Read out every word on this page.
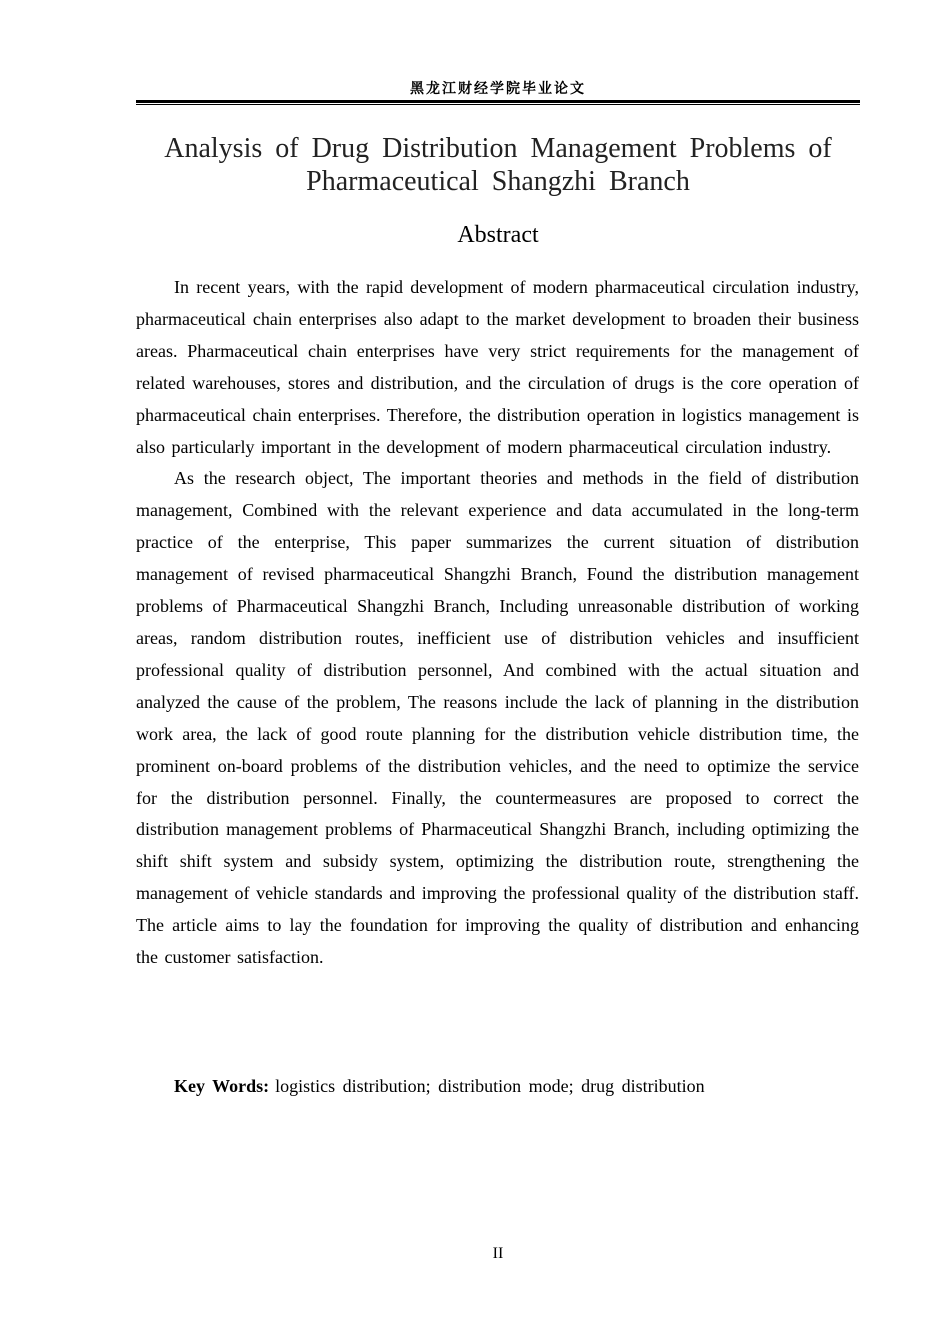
黑龙江财经学院毕业论文
Analysis of Drug Distribution Management Problems of Pharmaceutical Shangzhi Branch
Abstract

In recent years, with the rapid development of modern pharmaceutical circulation industry, pharmaceutical chain enterprises also adapt to the market development to broaden their business areas. Pharmaceutical chain enterprises have very strict requirements for the management of related warehouses, stores and distribution, and the circulation of drugs is the core operation of pharmaceutical chain enterprises. Therefore, the distribution operation in logistics management is also particularly important in the development of modern pharmaceutical circulation industry.

As the research object, The important theories and methods in the field of distribution management, Combined with the relevant experience and data accumulated in the long-term practice of the enterprise, This paper summarizes the current situation of distribution management of revised pharmaceutical Shangzhi Branch, Found the distribution management problems of Pharmaceutical Shangzhi Branch, Including unreasonable distribution of working areas, random distribution routes, inefficient use of distribution vehicles and insufficient professional quality of distribution personnel, And combined with the actual situation and analyzed the cause of the problem, The reasons include the lack of planning in the distribution work area, the lack of good route planning for the distribution vehicle distribution time, the prominent on-board problems of the distribution vehicles, and the need to optimize the service for the distribution personnel. Finally, the countermeasures are proposed to correct the distribution management problems of Pharmaceutical Shangzhi Branch, including optimizing the shift shift system and subsidy system, optimizing the distribution route, strengthening the management of vehicle standards and improving the professional quality of the distribution staff. The article aims to lay the foundation for improving the quality of distribution and enhancing the customer satisfaction.

Key Words: logistics distribution; distribution mode; drug distribution
II
